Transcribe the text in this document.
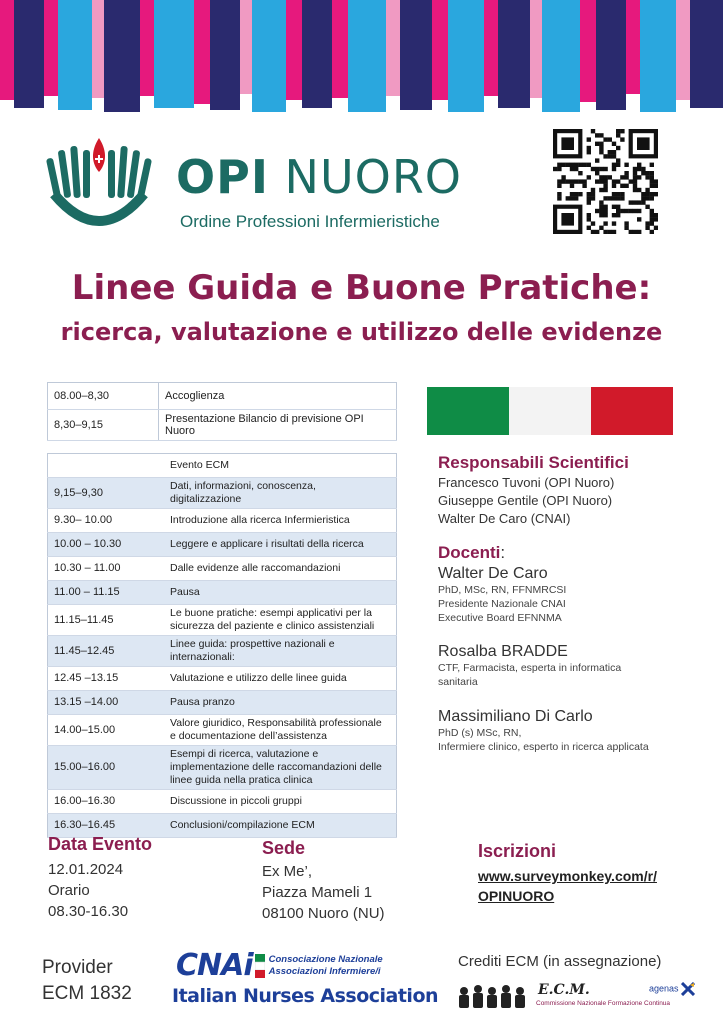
OPI NUORO
Ordine Professioni Infermieristiche
Linee Guida e Buone Pratiche:
ricerca, valutazione e utilizzo delle evidenze
08.00–8,30	Accoglienza
8,30–9,15	Presentazione Bilancio di previsione OPI Nuoro
	Evento ECM
9,15–9,30	Dati, informazioni, conoscenza, digitalizzazione
9.30– 10.00	Introduzione alla ricerca Infermieristica
10.00 – 10.30	Leggere e applicare i risultati della ricerca
10.30 – 11.00	Dalle evidenze alle raccomandazioni
11.00 – 11.15	Pausa
11.15–11.45	Le buone pratiche: esempi applicativi per la sicurezza del paziente e clinico assistenziali
11.45–12.45	Linee guida: prospettive nazionali e internazionali:
12.45 –13.15	Valutazione e utilizzo delle linee guida
13.15 –14.00	Pausa pranzo
14.00–15.00	Valore giuridico, Responsabilità professionale e documentazione dell’assistenza
15.00–16.00	Esempi di ricerca, valutazione e implementazione delle raccomandazioni delle linee guida nella pratica clinica
16.00–16.30	Discussione in piccoli gruppi
16.30–16.45	Conclusioni/compilazione ECM
Responsabili Scientifici
Francesco Tuvoni (OPI Nuoro)
Giuseppe Gentile (OPI Nuoro)
Walter De Caro (CNAI)
Docenti:
Walter De Caro
PhD, MSc, RN, FFNMRCSI
Presidente Nazionale CNAI
Executive Board EFNNMA
Rosalba BRADDE
CTF, Farmacista, esperta in informatica
sanitaria
Massimiliano Di Carlo
PhD (s) MSc, RN,
Infermiere clinico, esperto in ricerca applicata
Data Evento
12.01.2024
Orario
08.30-16.30
Sede
Ex Me’,
Piazza Mameli 1
08100 Nuoro (NU)
Iscrizioni
www.surveymonkey.com/r/
OPINUORO
Provider
ECM 1832
CNAi Consociazione Nazionale
Associazioni Infermiere/i
Italian Nurses Association
Crediti ECM (in assegnazione)
E.C.M.
Commissione Nazionale Formazione Continua
agenas
